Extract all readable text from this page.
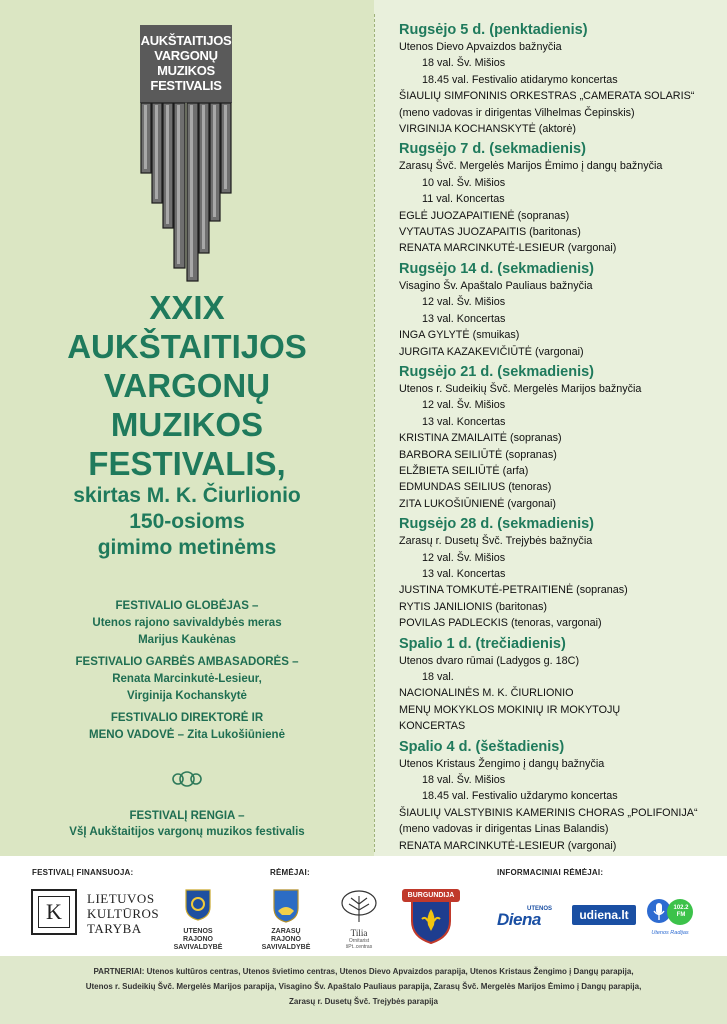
AUKŠTAITIJOS
VARGONŲ
MUZIKOS
FESTIVALIS
XXIX
AUKŠTAITIJOS
VARGONŲ
MUZIKOS
FESTIVALIS,
skirtas M. K. Čiurlionio
150-osioms
gimimo metinėms
FESTIVALIO GLOBĖJAS –
Utenos rajono savivaldybės meras
Marijus Kaukėnas
FESTIVALIO GARBĖS AMBASADORĖS –
Renata Marcinkutė-Lesieur,
Virginija Kochanskytė
FESTIVALIO DIREKTORĖ IR
MENO VADOVĖ – Zita Lukošiūnienė
FESTIVALĮ RENGIA –
VšĮ Aukštaitijos vargonų muzikos festivalis
Rugsėjo 5 d. (penktadienis)
Utenos Dievo Apvaizdos bažnyčia
18 val. Šv. Mišios
18.45 val. Festivalio atidarymo koncertas
ŠIAULIŲ SIMFONINIS ORKESTRAS „CAMERATA SOLARIS“
(meno vadovas ir dirigentas Vilhelmas Čepinskis)
VIRGINIJA KOCHANSKYTĖ (aktorė)
Rugsėjo 7 d. (sekmadienis)
Zarasų Švč. Mergelės Marijos Ėmimo į dangų bažnyčia
10 val. Šv. Mišios
11 val. Koncertas
EGLĖ JUOZAPAITIENĖ (sopranas)
VYTAUTAS JUOZAPAITIS (baritonas)
RENATA MARCINKUTĖ-LESIEUR (vargonai)
Rugsėjo 14 d. (sekmadienis)
Visagino Šv. Apaštalo Pauliaus bažnyčia
12 val. Šv. Mišios
13 val. Koncertas
INGA GYLYTĖ (smuikas)
JURGITA KAZAKEVIČIŪTĖ (vargonai)
Rugsėjo 21 d. (sekmadienis)
Utenos r. Sudeikių Švč. Mergelės Marijos bažnyčia
12 val. Šv. Mišios
13 val. Koncertas
KRISTINA ZMAILAITĖ (sopranas)
BARBORA SEILIŪTĖ (sopranas)
ELŽBIETA SEILIŪTĖ (arfa)
EDMUNDAS SEILIUS (tenoras)
ZITA LUKOŠIŪNIENĖ (vargonai)
Rugsėjo 28 d. (sekmadienis)
Zarasų r. Dusetų Švč. Trejybės bažnyčia
12 val. Šv. Mišios
13 val. Koncertas
JUSTINA TOMKUTĖ-PETRAITIENĖ (sopranas)
RYTIS JANILIONIS (baritonas)
POVILAS PADLECKIS (tenoras, vargonai)
Spalio 1 d. (trečiadienis)
Utenos dvaro rūmai (Ladygos g. 18C)
18 val.
NACIONALINĖS M. K. ČIURLIONIO
MENŲ MOKYKLOS MOKINIŲ IR MOKYTOJŲ
KONCERTAS
Spalio 4 d. (šeštadienis)
Utenos Kristaus Žengimo į dangų bažnyčia
18 val. Šv. Mišios
18.45 val. Festivalio uždarymo koncertas
ŠIAULIŲ VALSTYBINIS KAMERINIS CHORAS „POLIFONIJA“
(meno vadovas ir dirigentas Linas Balandis)
RENATA MARCINKUTĖ-LESIEUR (vargonai)
FESTIVALĮ FINANSUOJA:	RĖMĖJAI:	INFORMACINIAI RĖMĖJAI:
K
LIETUVOS
KULTŪROS
TARYBA	UTENOS
RAJONO
SAVIVALDYBĖ
ZARASŲ RAJONO
SAVIVALDYBĖ
Tilia
Ornitarist šPt..centras
BURGUNDIJA
UTENOS
Diena	udiena.lt	102.2 FM
Utenos Radijas
PARTNERIAI: Utenos kultūros centras, Utenos švietimo centras, Utenos Dievo Apvaizdos parapija, Utenos Kristaus Žengimo į Dangų parapija,
Utenos r. Sudeikių Švč. Mergelės Marijos parapija, Visagino Šv. Apaštalo Pauliaus parapija, Zarasų Švč. Mergelės Marijos Ėmimo į Dangų parapija,
Zarasų r. Dusetų Švč. Trejybės parapija
